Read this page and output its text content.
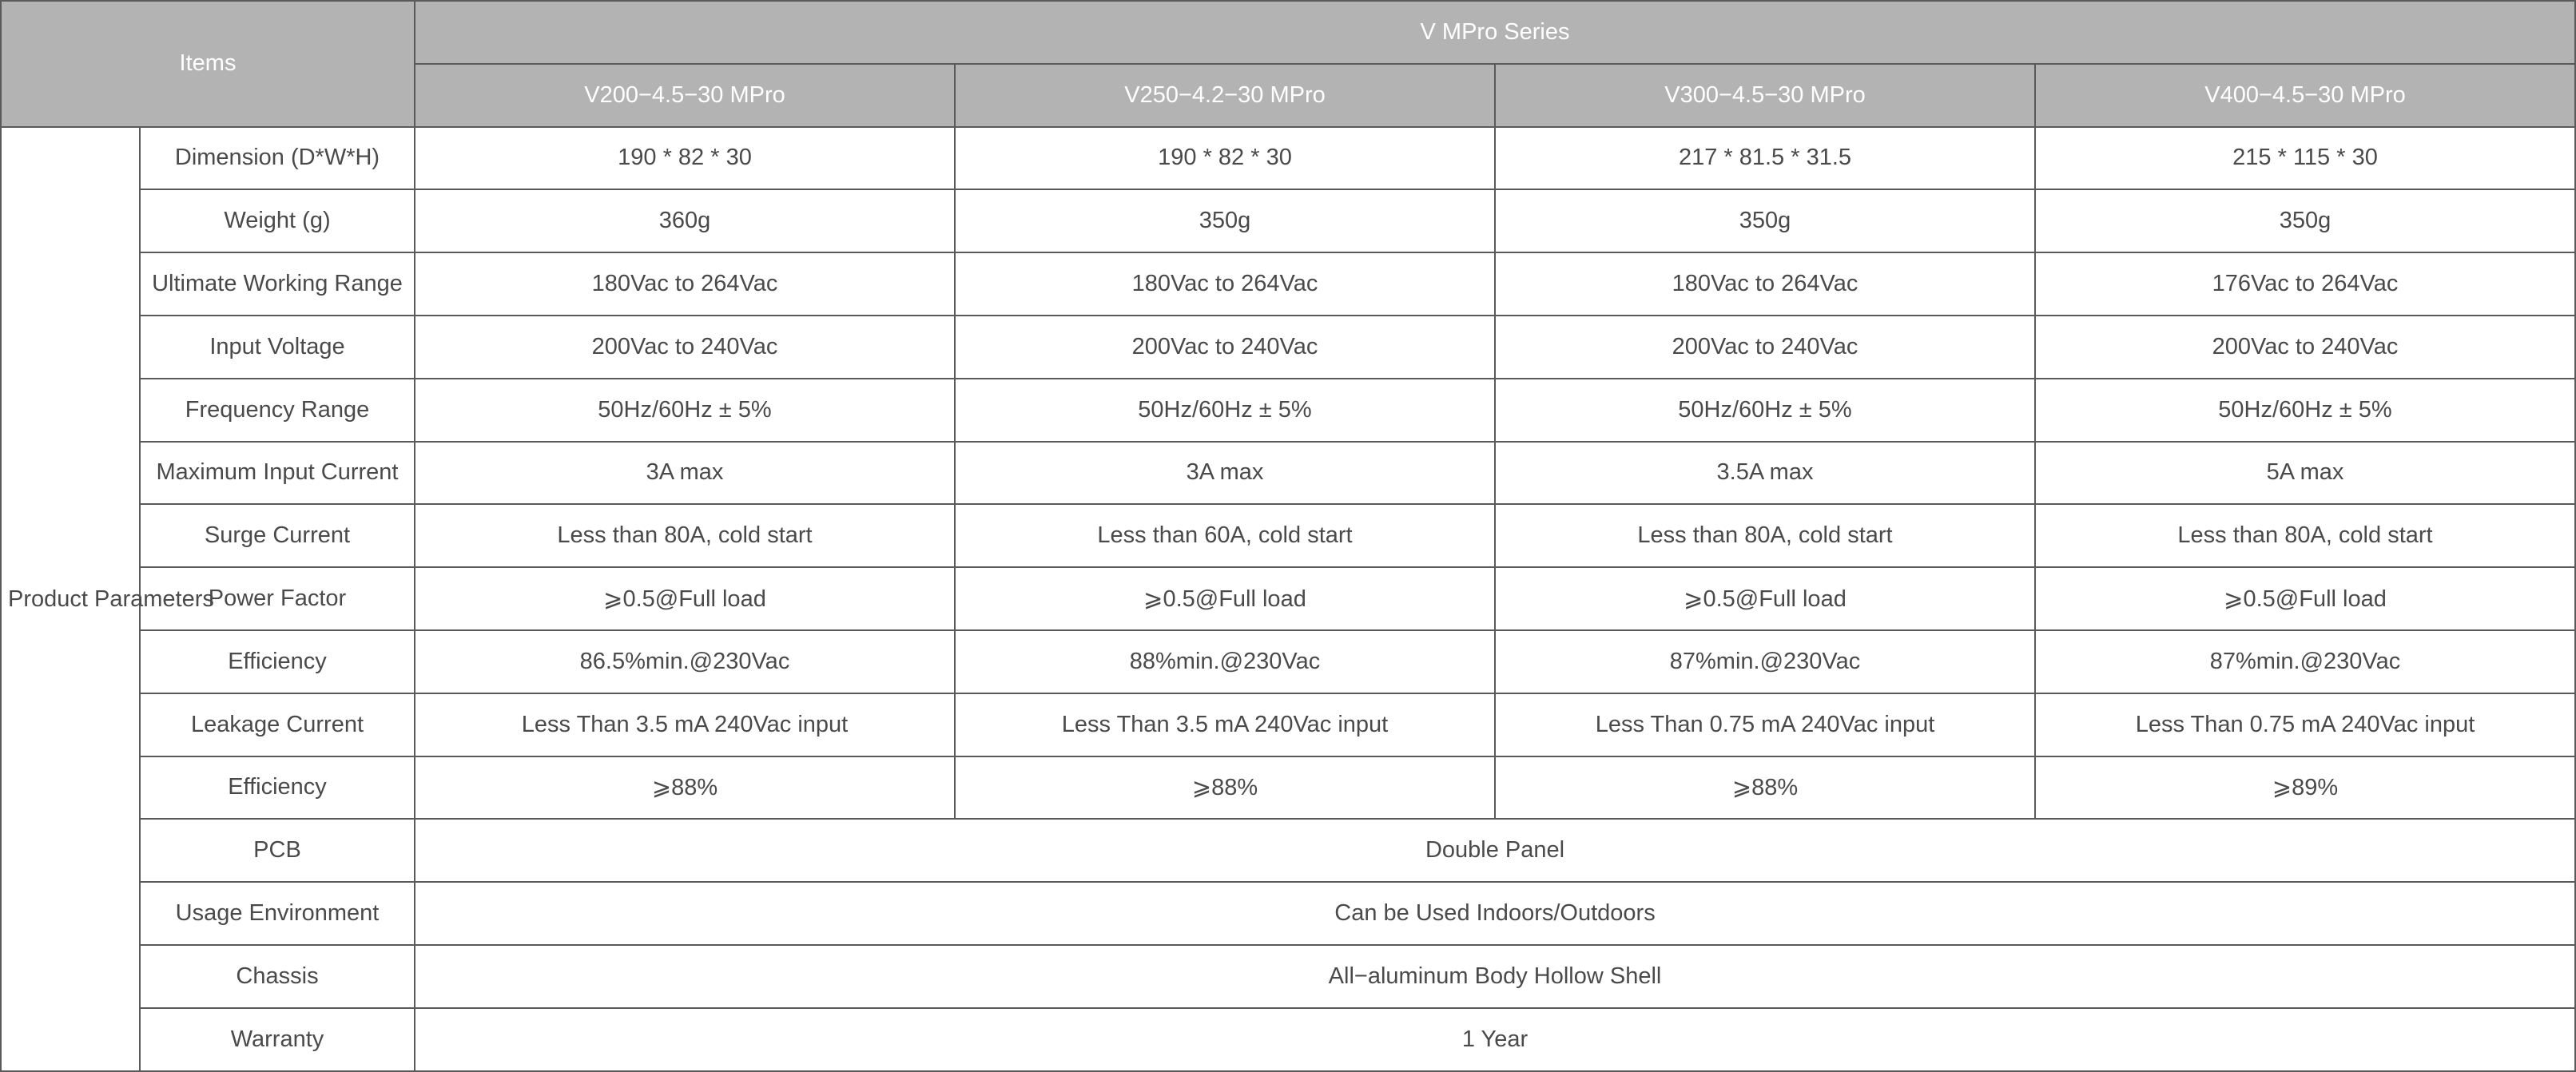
Items		V MPro Series			
		V200−4.5−30 MPro	V250−4.2−30 MPro	V300−4.5−30 MPro	V400−4.5−30 MPro
Product Parameters	Dimension (D*W*H)	190 * 82 * 30	190 * 82 * 30	217 * 81.5 * 31.5	215 * 115 * 30
	Weight (g)	360g	350g	350g	350g
	Ultimate Working Range	180Vac to 264Vac	180Vac to 264Vac	180Vac to 264Vac	176Vac to 264Vac
	Input Voltage	200Vac to 240Vac	200Vac to 240Vac	200Vac to 240Vac	200Vac to 240Vac
	Frequency Range	50Hz/60Hz ± 5%	50Hz/60Hz ± 5%	50Hz/60Hz ± 5%	50Hz/60Hz ± 5%
	Maximum Input Current	3A max	3A max	3.5A max	5A max
	Surge Current	Less than 80A, cold start	Less than 60A, cold start	Less than 80A, cold start	Less than 80A, cold start
	Power Factor	⩾0.5@Full load	⩾0.5@Full load	⩾0.5@Full load	⩾0.5@Full load
	Efficiency	86.5%min.@230Vac	88%min.@230Vac	87%min.@230Vac	87%min.@230Vac
	Leakage Current	Less Than 3.5 mA 240Vac input	Less Than 3.5 mA 240Vac input	Less Than 0.75 mA 240Vac input	Less Than 0.75 mA 240Vac input
	Efficiency	⩾88%	⩾88%	⩾88%	⩾89%
	PCB	Double Panel			
	Usage Environment	Can be Used Indoors/Outdoors			
	Chassis	All−aluminum Body Hollow Shell			
	Warranty	1 Year			
